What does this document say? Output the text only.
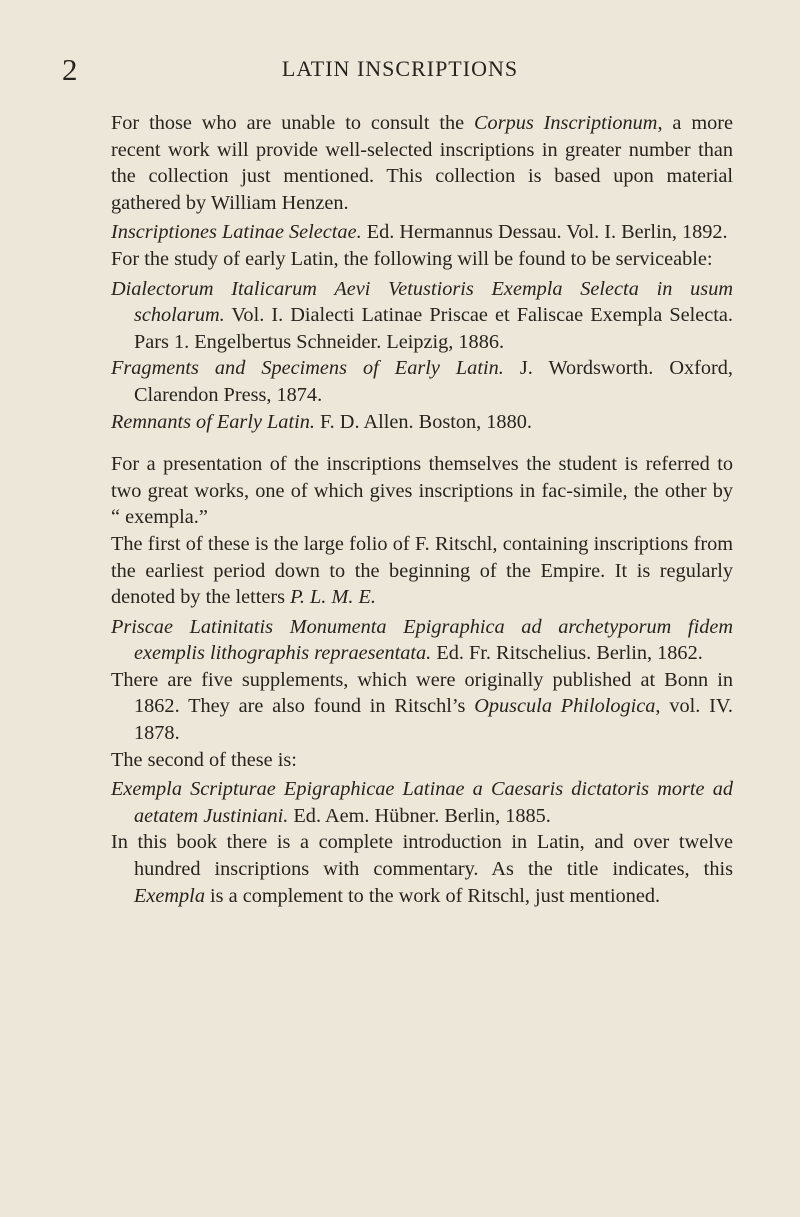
2	LATIN INSCRIPTIONS

For those who are unable to consult the Corpus Inscriptionum, a more recent work will provide well-selected inscriptions in greater number than the collection just mentioned. This collection is based upon material gathered by William Henzen.

Inscriptiones Latinae Selectae. Ed. Hermannus Dessau. Vol. I. Berlin, 1892.

For the study of early Latin, the following will be found to be serviceable:

Dialectorum Italicarum Aevi Vetustioris Exempla Selecta in usum scholarum. Vol. I. Dialecti Latinae Priscae et Faliscae Exempla Selecta. Pars 1. Engelbertus Schneider. Leipzig, 1886.

Fragments and Specimens of Early Latin. J. Wordsworth. Oxford, Clarendon Press, 1874.

Remnants of Early Latin. F. D. Allen. Boston, 1880.

For a presentation of the inscriptions themselves the student is referred to two great works, one of which gives inscriptions in fac-simile, the other by “ exempla.”

The first of these is the large folio of F. Ritschl, containing inscriptions from the earliest period down to the beginning of the Empire. It is regularly denoted by the letters P. L. M. E.

Priscae Latinitatis Monumenta Epigraphica ad archetyporum fidem exemplis lithographis repraesentata. Ed. Fr. Ritschelius. Berlin, 1862.

There are five supplements, which were originally published at Bonn in 1862. They are also found in Ritschl’s Opuscula Philologica, vol. IV. 1878.

The second of these is:

Exempla Scripturae Epigraphicae Latinae a Caesaris dictatoris morte ad aetatem Justiniani. Ed. Aem. Hübner. Berlin, 1885.

In this book there is a complete introduction in Latin, and over twelve hundred inscriptions with commentary. As the title indicates, this Exempla is a complement to the work of Ritschl, just mentioned.
